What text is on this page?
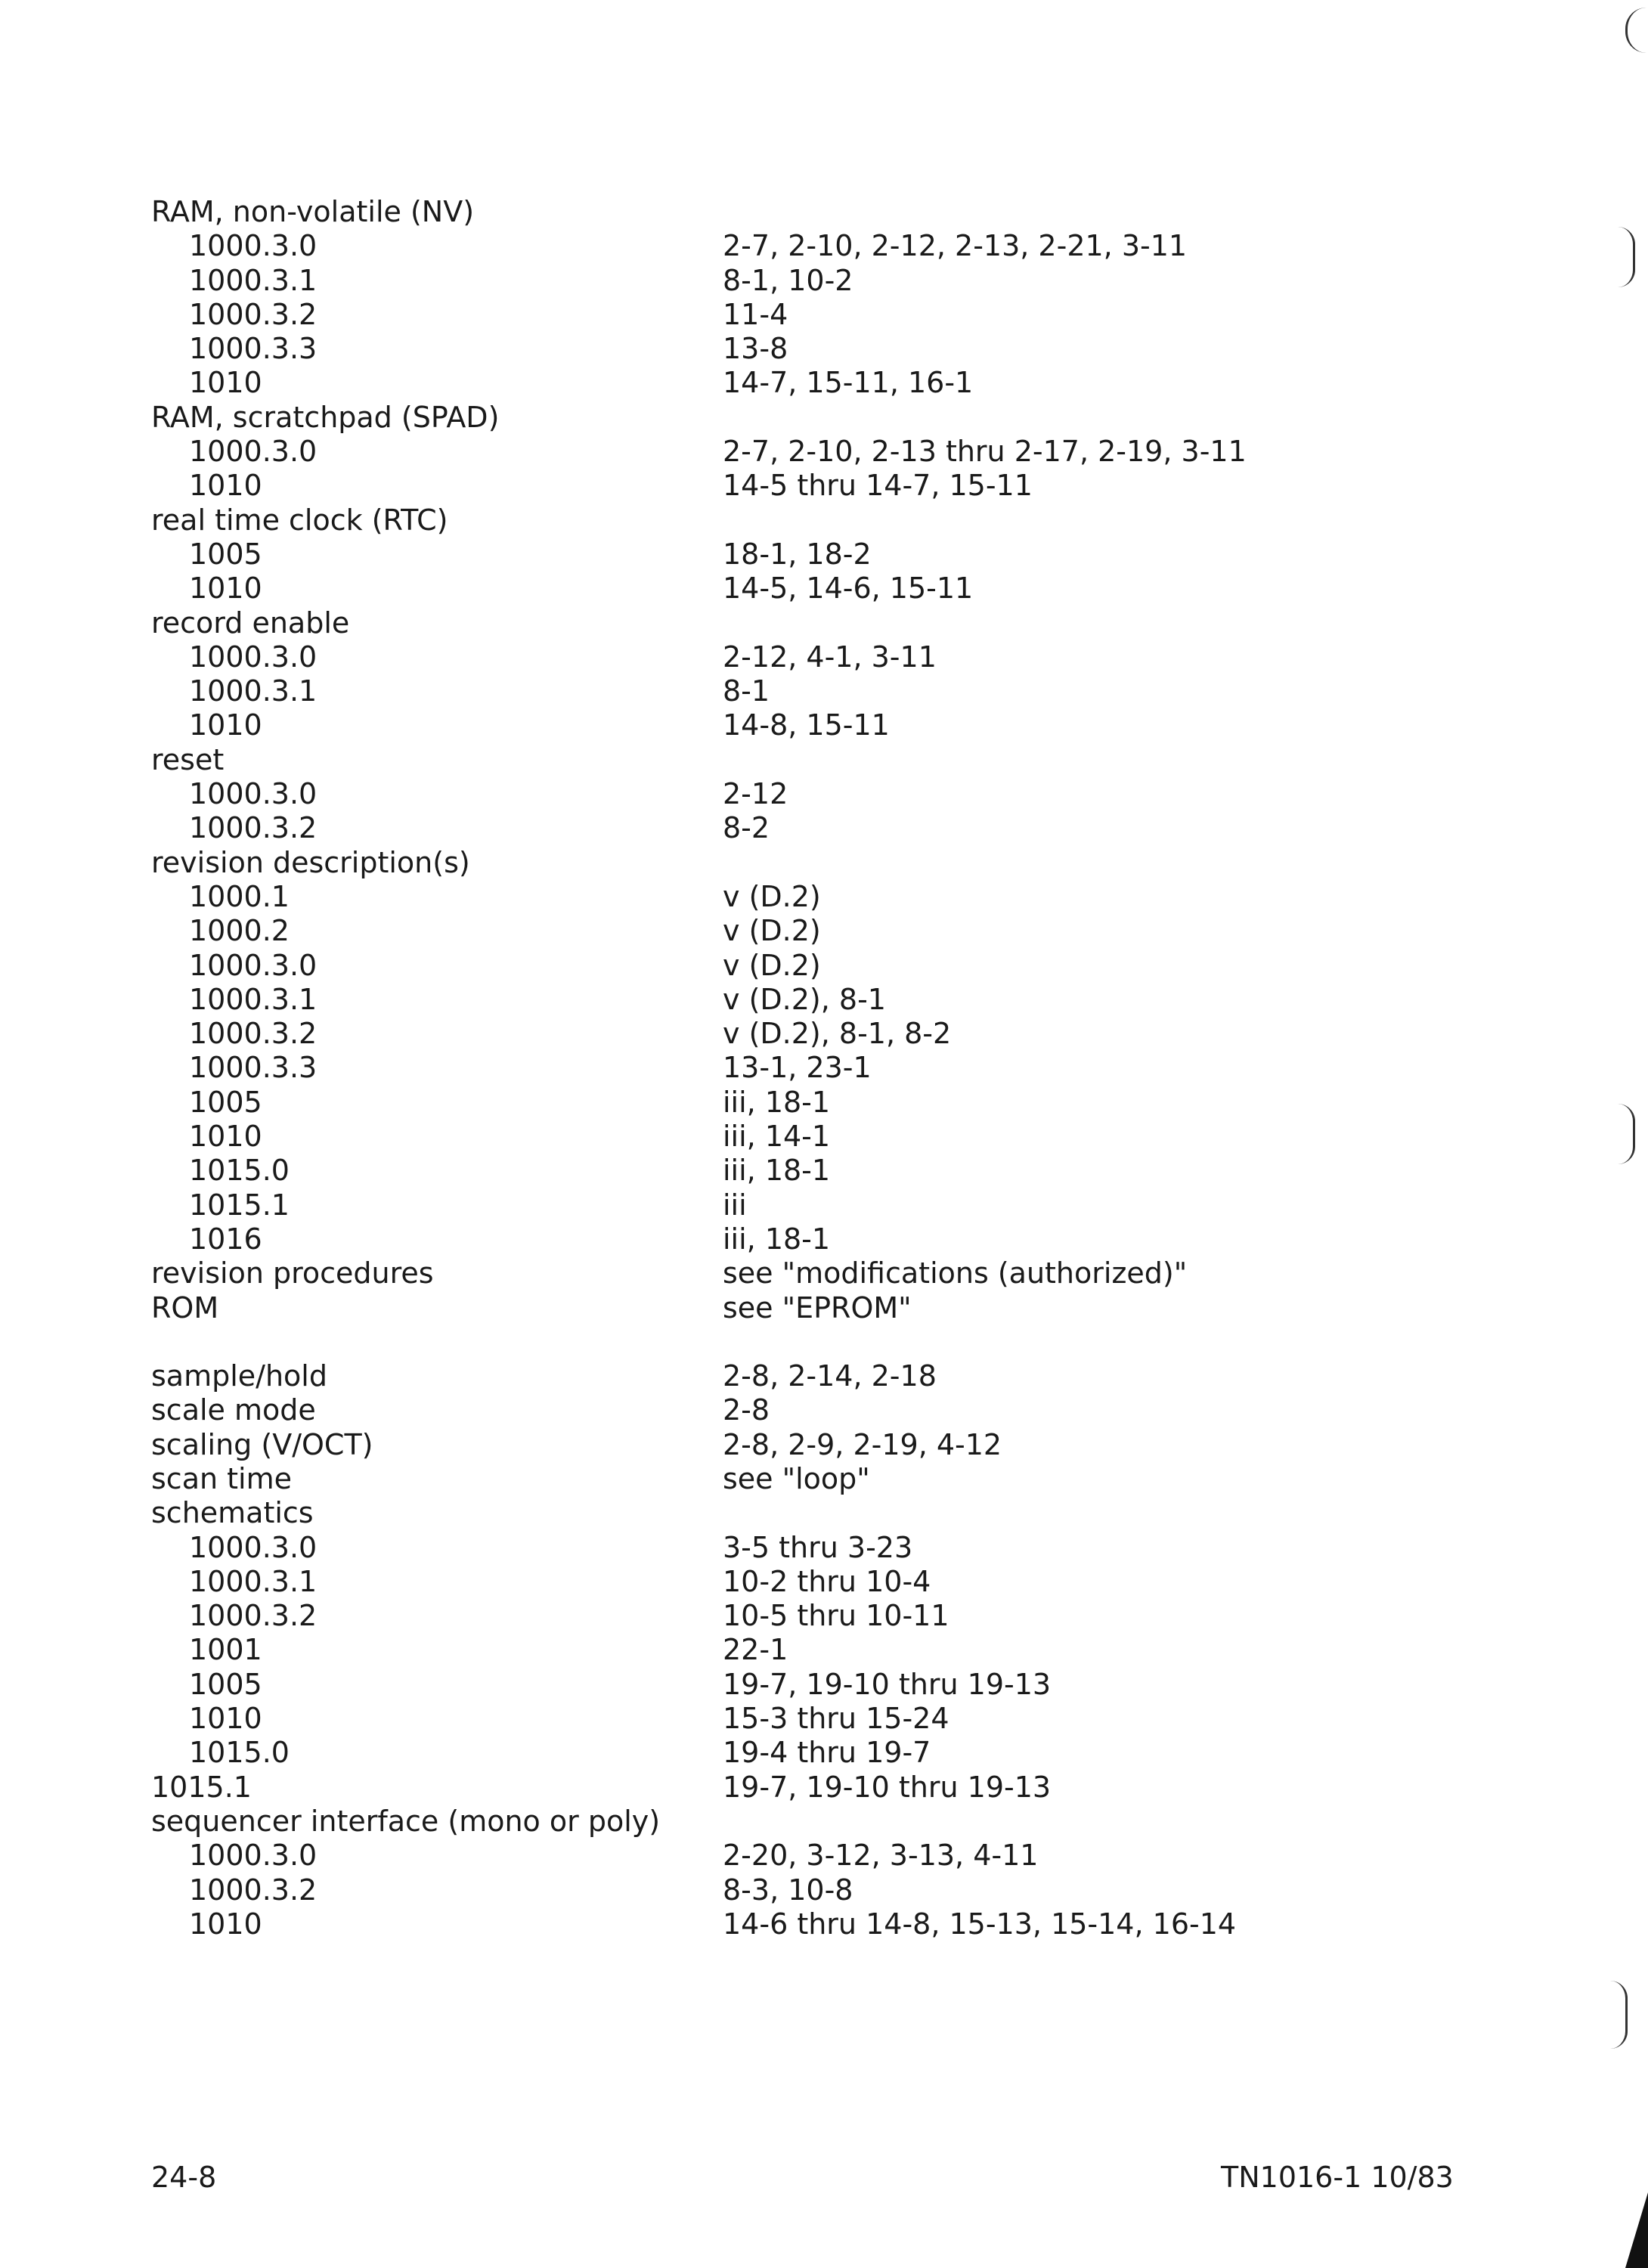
RAM, non-volatile (NV)
1000.3.0	2-7, 2-10, 2-12, 2-13, 2-21, 3-11
1000.3.1	8-1, 10-2
1000.3.2	11-4
1000.3.3	13-8
1010	14-7, 15-11, 16-1
RAM, scratchpad (SPAD)
1000.3.0	2-7, 2-10, 2-13 thru 2-17, 2-19, 3-11
1010	14-5 thru 14-7, 15-11
real time clock (RTC)
1005	18-1, 18-2
1010	14-5, 14-6, 15-11
record enable
1000.3.0	2-12, 4-1, 3-11
1000.3.1	8-1
1010	14-8, 15-11
reset
1000.3.0	2-12
1000.3.2	8-2
revision description(s)
1000.1	v (D.2)
1000.2	v (D.2)
1000.3.0	v (D.2)
1000.3.1	v (D.2), 8-1
1000.3.2	v (D.2), 8-1, 8-2
1000.3.3	13-1, 23-1
1005	iii, 18-1
1010	iii, 14-1
1015.0	iii, 18-1
1015.1	iii
1016	iii, 18-1
revision procedures	see "modifications (authorized)"
ROM	see "EPROM"
sample/hold	2-8, 2-14, 2-18
scale mode	2-8
scaling (V/OCT)	2-8, 2-9, 2-19, 4-12
scan time	see "loop"
schematics
1000.3.0	3-5 thru 3-23
1000.3.1	10-2 thru 10-4
1000.3.2	10-5 thru 10-11
1001	22-1
1005	19-7, 19-10 thru 19-13
1010	15-3 thru 15-24
1015.0	19-4 thru 19-7
1015.1	19-7, 19-10 thru 19-13
sequencer interface (mono or poly)
1000.3.0	2-20, 3-12, 3-13, 4-11
1000.3.2	8-3, 10-8
1010	14-6 thru 14-8, 15-13, 15-14, 16-14
24-8	TN1016-1 10/83
